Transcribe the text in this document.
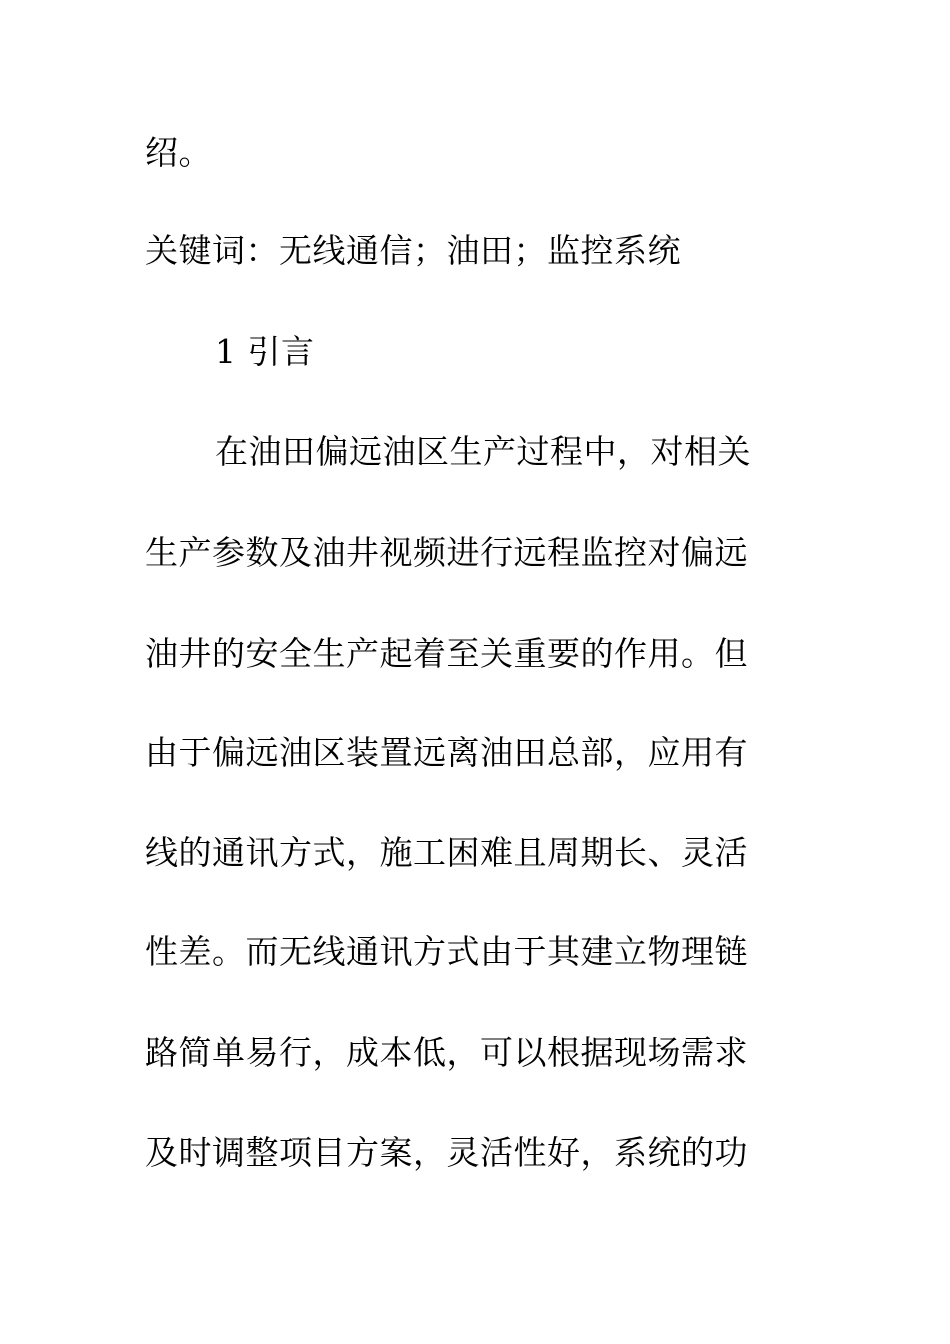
绍。
关键词：无线通信；油田；监控系统
1 引言
在油田偏远油区生产过程中，对相关
生产参数及油井视频进行远程监控对偏远
油井的安全生产起着至关重要的作用。但
由于偏远油区装置远离油田总部，应用有
线的通讯方式，施工困难且周期长、灵活
性差。而无线通讯方式由于其建立物理链
路简单易行，成本低，可以根据现场需求
及时调整项目方案，灵活性好，系统的功
